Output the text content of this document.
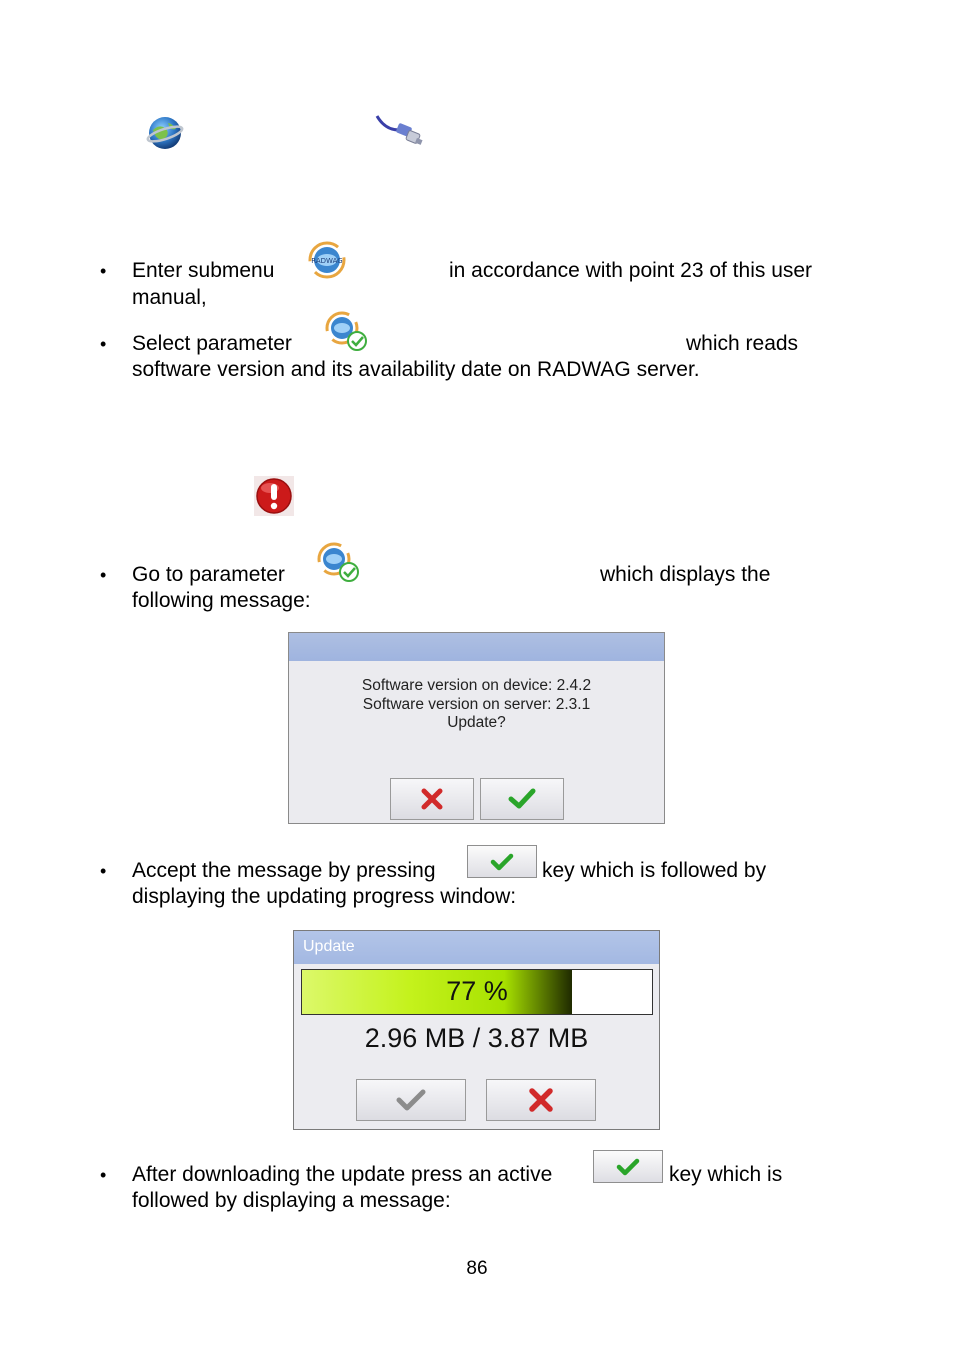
• Enter submenu	RADWAG	in accordance with point 23 of this user
manual,
• Select parameter	which reads
software version and its availability date on RADWAG server.
• Go to parameter	which displays the
following message:
Software version on device: 2.4.2
Software version on server: 2.3.1
Update?
• Accept the message by pressing	key which is followed by
displaying the updating progress window:
Update
77 %
2.96 MB / 3.87 MB
• After downloading the update press an active	key which is
followed by displaying a message:
86
